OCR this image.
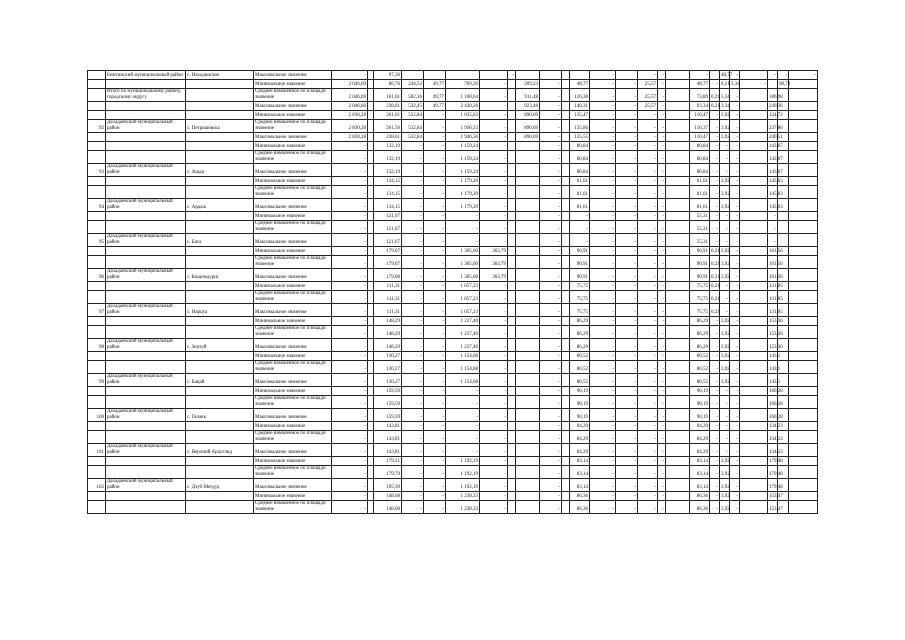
	Бежтинский муниципальный район	с. Нахадинское	Максимальное значение	-		97,36					-					-		-	-		-		48,77	-		-	-	-
			Минимальное значение	2 046,69		86,76	244,52	49,77	769,26	-		209,23	-		48,77	-	-	25,57	-		48,77	-	0,21	3,34	-		98,78	
	Итого по муниципальному району, городскому округу		Среднее взвешенное по площади значение	2 046,69		161,61	502,36	49,77	1 100,64	-		911,48	-		126,38	-	-	25,57	-		73,89	0,21	3,34	-		186,98		
			Максимальное значение	2 046,66		238,61	532,45	49,77	2 420,26	-		923,48	-		140,31	-	-	25,57	-		93,34	0,21	3,34	-		249,36		
			Минимальное значение	2 830,28		261,61	532,84	-	1 035,63	-		890,69	-		135,47	-	-	-	-		110,47	-	3,92	-		124,72		
92	Дахадаевский муниципальный район	с. Петрашевска	Среднее взвешенное по площади значение	2 830,28		261,56	532,84	-	1 936,33	-		890,69	-		135,86	-	-	-	-		110,37	-	3,92	-		237,86		
			Максимальное значение	2 830,28		238,61	532,84	-	1 946,56	-		890,69	-		135,55	-	-	-	-		110,47	-	3,92	-		240,51		
			Минимальное значение	-		132,19	-	-	1 159,24	-			-		80,84	-	-	-	-		80,84	-	-	-		143,67		
			Среднее взвешенное по площади значение	-		132,19	-	-	1 159,24	-			-		80,84	-	-	-	-		80,84	-	-	-		143,67		
93	Дахадаевский муниципальный район	с. Ашда	Максимальное значение	-		132,19	-	-	1 159,24	-			-		80,84	-	-	-	-		80,84	-	-	-		143,67		
			Минимальное значение	-		134,15	-	-	1 179,20	-			-		81,61	-	-	-	-		81,61	-	3,92	-		145,03		
			Среднее взвешенное по площади значение	-		134,15	-	-	1 179,20	-			-		81,61	-	-	-	-		81,61	-	3,92	-		145,03		
94	Дахадаевский муниципальный район	с. Ардаж	Максимальное значение	-		134,15	-	-	1 179,20	-			-		81,61	-	-	-	-		81,61	-	3,92	-		145,03		
			Минимальное значение	-		121,67	-	-	-	-			-		-	-	-	-	-		55,31	-	-	-		-		
			Среднее взвешенное по площади значение	-		121,67	-	-	-	-			-		-	-	-	-	-		55,31	-	-	-		-		
95	Дахадаевский муниципальный район	с. Бага	Максимальное значение	-		121,67	-	-	-	-			-		-	-	-	-	-		55,31	-	-	-		-		
			Минимальное значение	-		179,07	-	-	1 305,60	363,79			-		90,91	-	-	-	-		90,91	0,21	3,92	-		161,56		
			Среднее взвешенное по площади значение	-		179,07	-	-	1 305,60	363,79			-		90,91	-	-	-	-		90,91	0,21	3,92	-		161,56		
96	Дахадаевский муниципальный район	с. Кощомдурш	Максимальное значение	-		179,08	-	-	1 305,60	363,79			-		90,91	-	-	-	-		90,91	0,21	3,92	-		161,56		
			Минимальное значение	-		111,31	-	-	1 057,23	-			-		75,75	-	-	-	-		75,75	0,21	-	-		131,05		
			Среднее взвешенное по площади значение	-		111,31	-	-	1 057,23	-			-		75,75	-	-	-	-		75,75	0,21	-	-		131,05		
97	Дахадаевский муниципальный район	с. Нарцта	Максимальное значение	-		111,31	-	-	1 057,23	-			-		75,75	-	-	-	-		75,75	0,21	-	-		131,05		
			Минимальное значение	-		148,29	-	-	1 237,40	-			-		86,29	-	-	-	-		86,29	-	3,92	-		153,36		
			Среднее взвешенное по площади значение	-		148,29	-	-	1 237,40	-			-		86,29	-	-	-	-		86,29	-	3,92	-		153,36		
98	Дахадаевский муниципальный район	с. Зерхуй	Максимальное значение	-		148,29	-	-	1 237,40	-			-		86,29	-	-	-	-		86,29	-	3,92	-		153,36		
			Минимальное значение	-		130,27	-	-	1 154,68	-			-		80,52	-	-	-	-		80,52	-	3,92	-		143,1		
			Среднее взвешенное по площади значение	-		130,27	-	-	1 154,68	-			-		80,52	-	-	-	-		80,52	-	3,92	-		143,1		
99	Дахадаевский муниципальный район	с. Бацай	Максимальное значение	-		130,27	-	-	1 154,68	-			-		80,52	-	-	-	-		80,52	-	3,92	-		143,1		
			Минимальное значение	-		159,59	-	-	-	-			-		90,19	-	-	-	-		90,19	-	-	-		160,28		
			Среднее взвешенное по площади значение	-		159,59	-	-	-	-			-		90,19	-	-	-	-		90,19	-	-	-		160,28		
100	Дахадаевский муниципальный район	с. Гялакк	Максимальное значение	-		159,59	-	-	-	-			-		90,19	-	-	-	-		90,19	-	-	-		160,28		
			Минимальное значение	-		143,81	-	-	-	-			-		84,29	-	-	-	-		84,29	-	-	-		134,23		
			Среднее взвешенное по площади значение	-		143,81	-	-	-	-			-		84,29	-	-	-	-		84,29	-	-	-		134,23		
101	Дахадаевский муниципальный район	с. Верхний Арахтлид	Максимальное значение	-		143,81	-	-	-	-			-		84,29	-	-	-	-		84,29	-	-	-		134,23		
			Минимальное значение	-		179,21	-	-	1 192,19	-			-		83,14	-	-	-	-		83,14	-	3,92	-		179,48		
			Среднее взвешенное по площади значение	-		179,79	-	-	1 192,19	-			-		83,14	-	-	-	-		83,14	-	3,92	-		179,48		
102	Дахадаевский муниципальный район	с. Дзуб-Мегдуд	Максимальное значение	-		195,39	-	-	1 192,19	-			-		83,14	-	-	-	-		83,14	-	3,92	-		179,48		
			Минимальное значение	-		148,08	-	-	1 238,33	-			-		86,36	-	-	-	-		86,36	-	3,92	-		153,47		
			Среднее взвешенное по площади значение	-		148,08	-	-	1 238,33	-			-		86,36	-	-	-	-		86,36	-	3,92	-		153,47		
